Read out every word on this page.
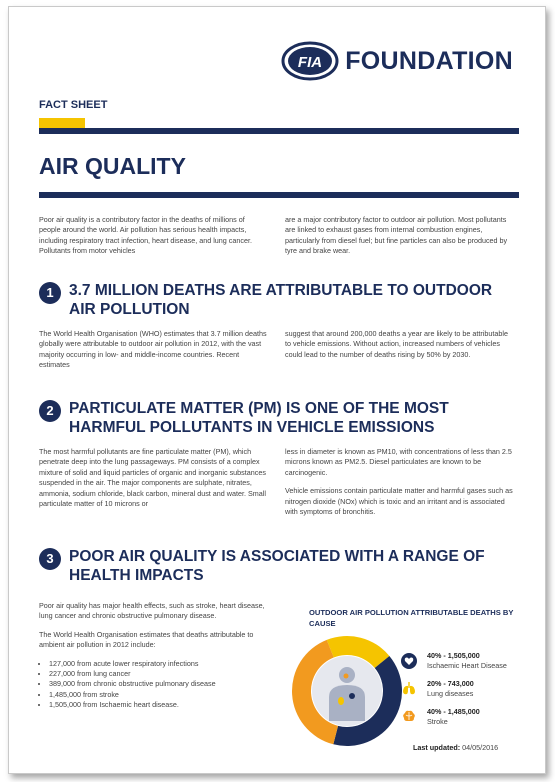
FIA FOUNDATION
FACT SHEET
AIR QUALITY
Poor air quality is a contributory factor in the deaths of millions of people around the world. Air pollution has serious health impacts, including respiratory tract infection, heart disease, and lung cancer. Pollutants from motor vehicles
are a major contributory factor to outdoor air pollution. Most pollutants are linked to exhaust gases from internal combustion engines, particularly from diesel fuel; but fine particles can also be produced by tyre and brake wear.
1 3.7 MILLION DEATHS ARE ATTRIBUTABLE TO OUTDOOR AIR POLLUTION
The World Health Organisation (WHO) estimates that 3.7 million deaths globally were attributable to outdoor air pollution in 2012, with the vast majority occurring in low- and middle-income countries. Recent estimates
suggest that around 200,000 deaths a year are likely to be attributable to vehicle emissions. Without action, increased numbers of vehicles could lead to the number of deaths rising by 50% by 2030.
2 PARTICULATE MATTER (PM) IS ONE OF THE MOST HARMFUL POLLUTANTS IN VEHICLE EMISSIONS
The most harmful pollutants are fine particulate matter (PM), which penetrate deep into the lung passageways. PM consists of a complex mixture of solid and liquid particles of organic and inorganic substances suspended in the air. The major components are sulphate, nitrates, ammonia, sodium chloride, black carbon, mineral dust and water. Small particulate matter of 10 microns or

less in diameter is known as PM10, with concentrations of less than 2.5 microns known as PM2.5. Diesel particulates are known to be carcinogenic.

Vehicle emissions contain particulate matter and harmful gases such as nitrogen dioxide (NOx) which is toxic and an irritant and is associated with symptoms of bronchitis.

3 POOR AIR QUALITY IS ASSOCIATED WITH A RANGE OF HEALTH IMPACTS

Poor air quality has major health effects, such as stroke, heart disease, lung cancer and chronic obstructive pulmonary disease.

The World Health Organisation estimates that deaths attributable to ambient air pollution in 2012 include:

• 127,000 from acute lower respiratory infections
• 227,000 from lung cancer
• 389,000 from chronic obstructive pulmonary disease
• 1,485,000 from stroke
• 1,505,000 from Ischaemic heart disease.
OUTDOOR AIR POLLUTION ATTRIBUTABLE DEATHS BY CAUSE
40% - 1,505,000
Ischaemic Heart Disease
20% - 743,000
Lung diseases
40% - 1,485,000
Stroke
Last updated: 04/05/2016
